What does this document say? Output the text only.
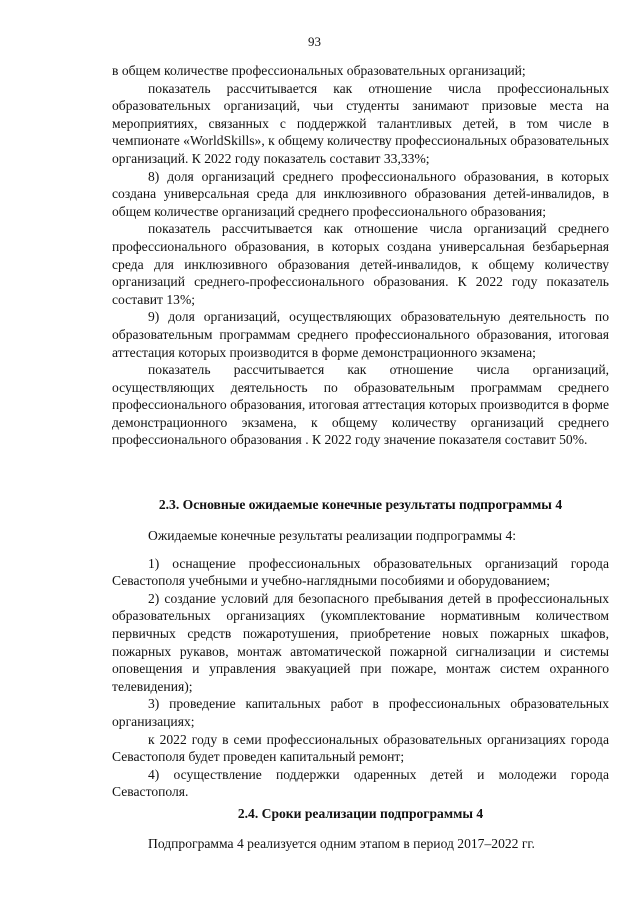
93

в общем количестве профессиональных образовательных организаций;

показатель рассчитывается как отношение числа профессиональных образовательных организаций, чьи студенты занимают призовые места на мероприятиях, связанных с поддержкой талантливых детей, в том числе в чемпионате «WorldSkills», к общему количеству профессиональных образовательных организаций. К 2022 году показатель составит 33,33%;

8) доля организаций среднего профессионального образования, в которых создана универсальная среда для инклюзивного образования детей-инвалидов, в общем количестве организаций среднего профессионального образования;

показатель рассчитывается как отношение числа организаций среднего профессионального образования, в которых создана универсальная безбарьерная среда для инклюзивного образования детей-инвалидов, к общему количеству организаций среднего-профессионального образования. К 2022 году показатель составит 13%;

9) доля организаций, осуществляющих образовательную деятельность по образовательным программам среднего профессионального образования, итоговая аттестация которых производится в форме демонстрационного экзамена;

показатель рассчитывается как отношение числа организаций, осуществляющих деятельность по образовательным программам среднего профессионального образования, итоговая аттестация которых производится в форме демонстрационного экзамена, к общему количеству организаций среднего профессионального образования . К 2022 году значение показателя составит 50%.

2.3. Основные ожидаемые конечные результаты подпрограммы 4

Ожидаемые конечные результаты реализации подпрограммы 4:

1) оснащение профессиональных образовательных организаций города Севастополя учебными и учебно-наглядными пособиями и оборудованием;

2) создание условий для безопасного пребывания детей в профессиональных образовательных организациях (укомплектование нормативным количеством первичных средств пожаротушения, приобретение новых пожарных шкафов, пожарных рукавов, монтаж автоматической пожарной сигнализации и системы оповещения и управления эвакуацией при пожаре, монтаж систем охранного телевидения);

3) проведение капитальных работ в профессиональных образовательных организациях;

к 2022 году в семи профессиональных образовательных организациях города Севастополя будет проведен капитальный ремонт;

4) осуществление поддержки одаренных детей и молодежи города Севастополя.

2.4. Сроки реализации подпрограммы 4

Подпрограмма 4 реализуется одним этапом в период 2017–2022 гг.
